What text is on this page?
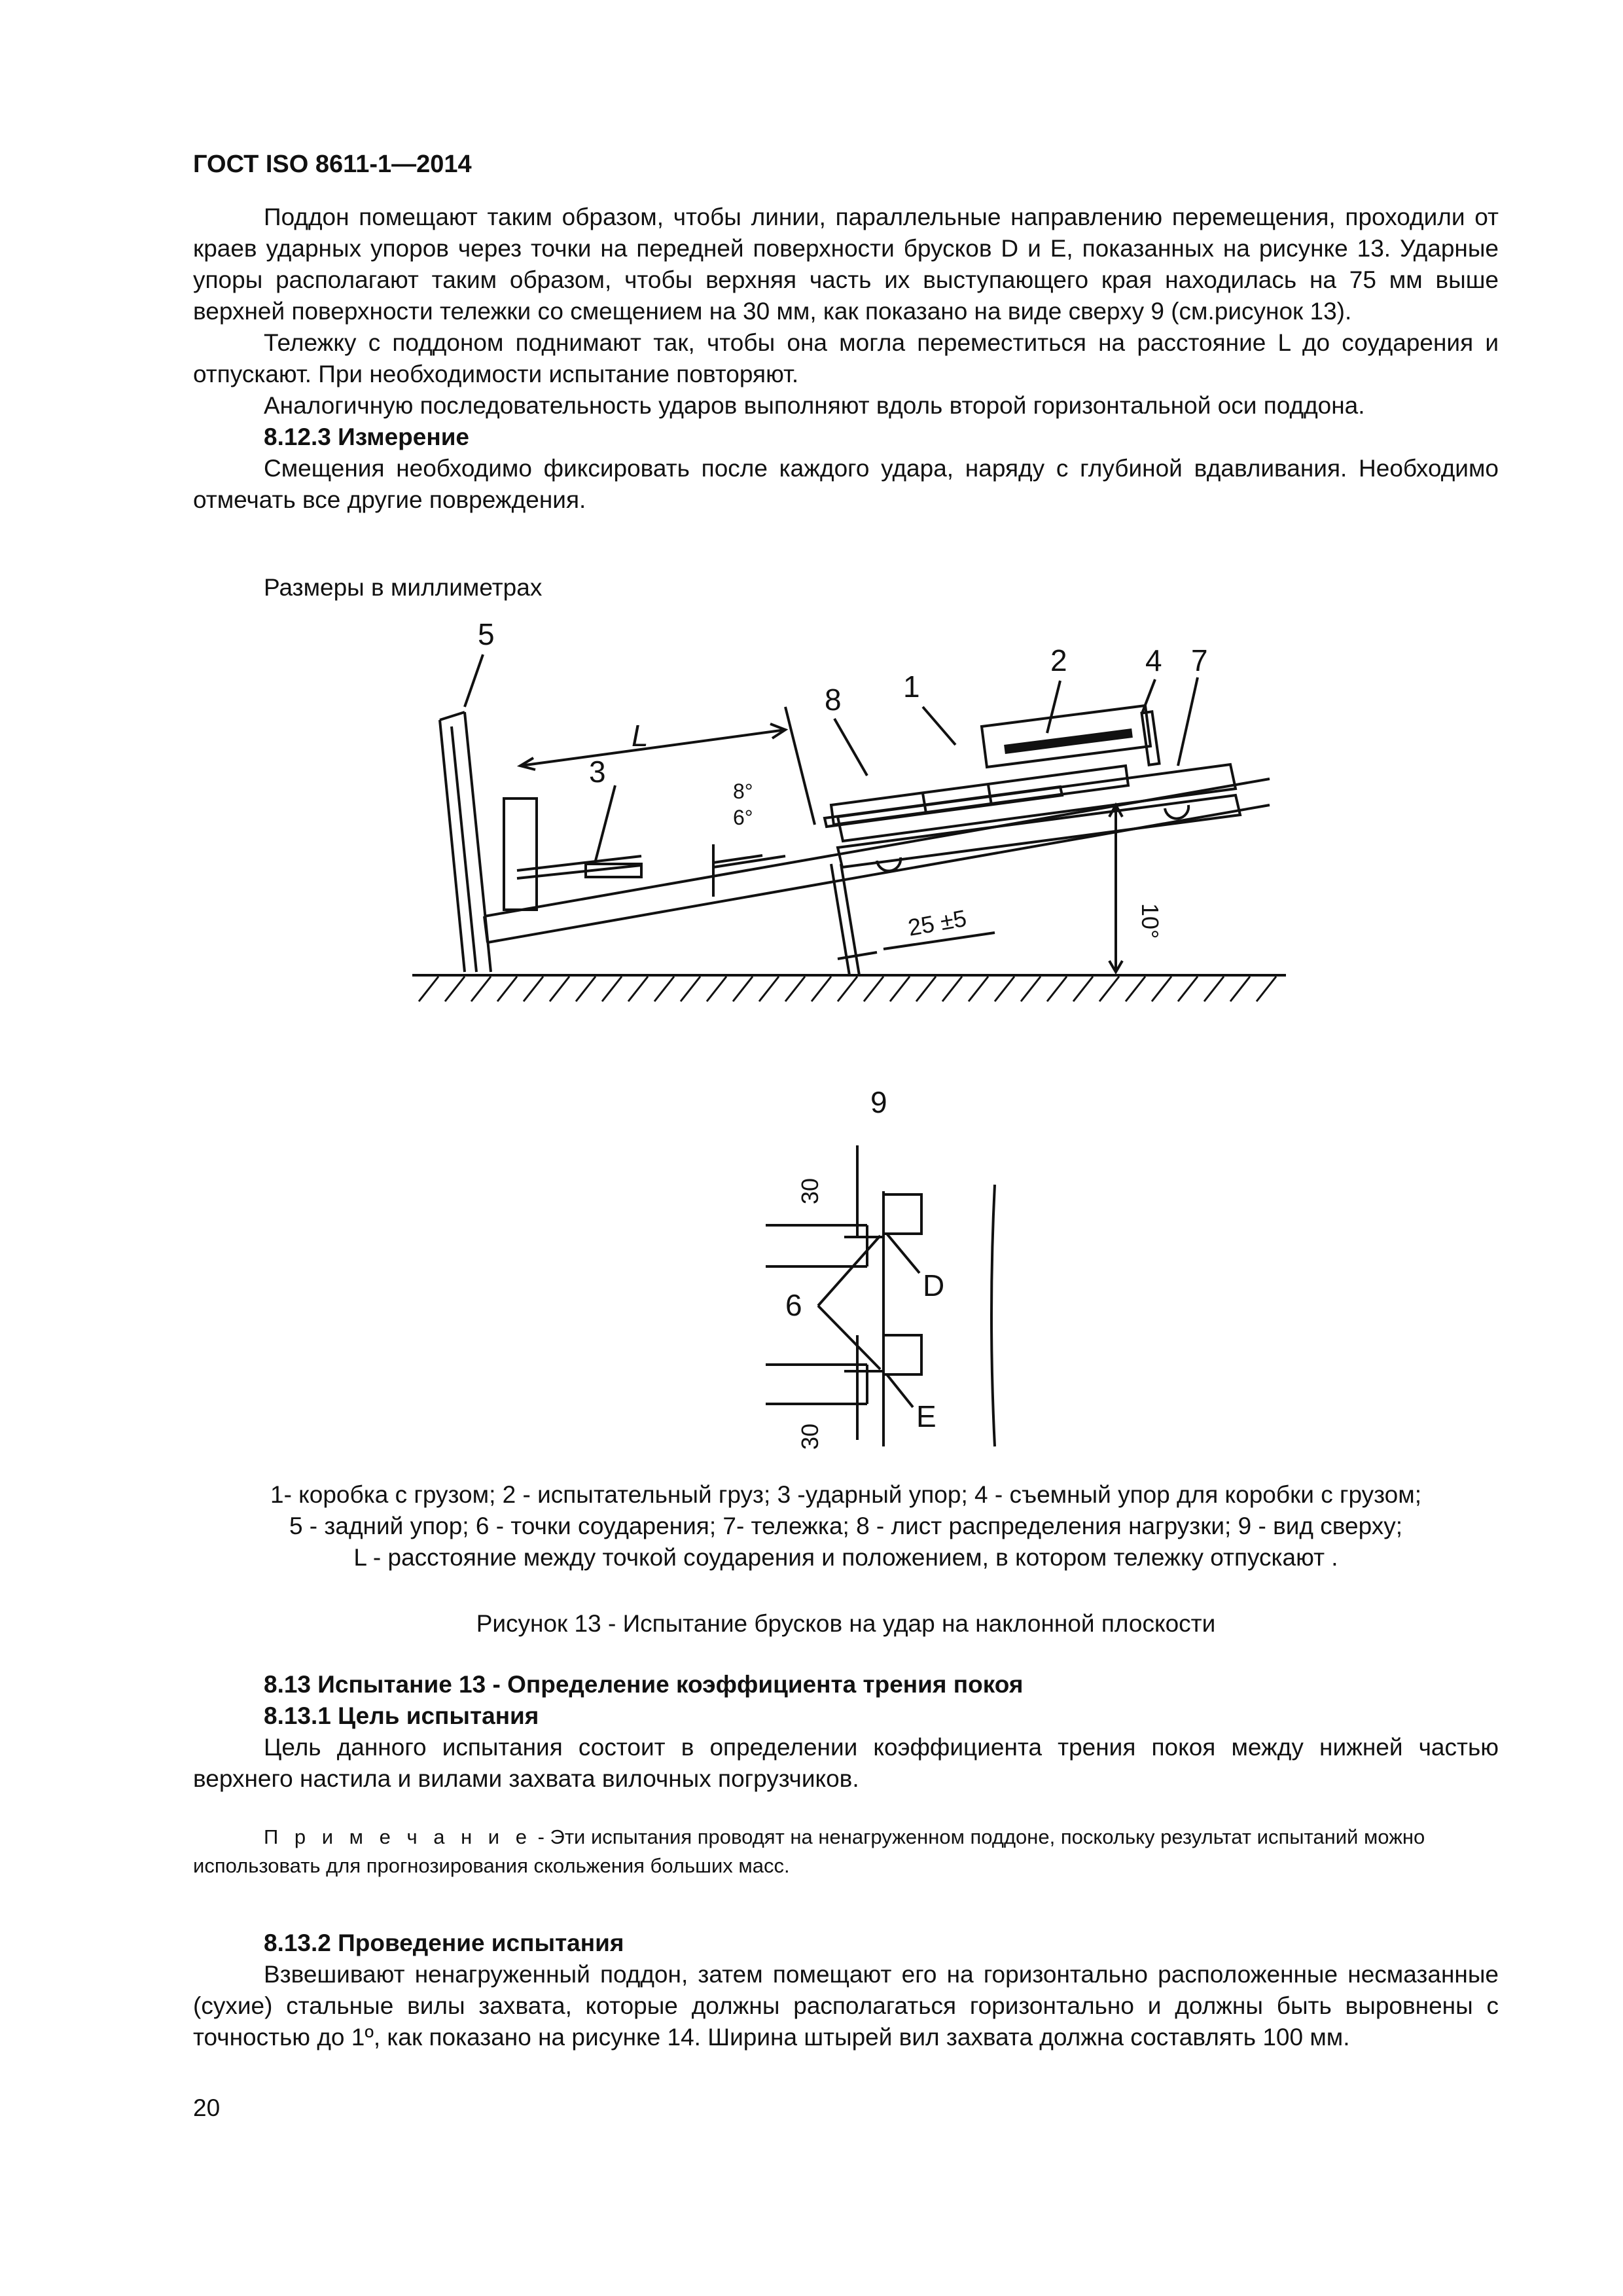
ГОСТ ISO 8611-1—2014
Поддон помещают таким образом, чтобы линии, параллельные направлению перемещения, проходили от краев ударных упоров через точки на передней поверхности брусков D и E, показанных на рисунке 13. Ударные упоры располагают таким образом, чтобы верхняя часть их выступающего края находилась на 75 мм выше верхней поверхности тележки со смещением на 30 мм, как показано на виде сверху 9 (см.рисунок 13).
Тележку с поддоном поднимают так, чтобы она могла переместиться на расстояние L до соударения и отпускают. При необходимости испытание повторяют.
Аналогичную последовательность ударов выполняют вдоль второй горизонтальной оси поддона.
8.12.3 Измерение
Смещения необходимо фиксировать после каждого удара, наряду с глубиной вдавливания. Необходимо отмечать все другие повреждения.
Размеры в миллиметрах
5
L
3
8°
6°
1
2	4 7
8
25 ±5	10°
9
6
D
E
30
30
1- коробка с грузом; 2 - испытательный груз; 3 -ударный упор; 4 - съемный упор для коробки с грузом;
5 - задний упор; 6 - точки соударения; 7- тележка; 8 - лист распределения нагрузки; 9 - вид сверху;
L - расстояние между точкой соударения и положением, в котором тележку отпускают .
Рисунок 13 - Испытание брусков на удар на наклонной плоскости
8.13 Испытание 13 - Определение коэффициента трения покоя
8.13.1 Цель испытания
Цель данного испытания состоит в определении коэффициента трения покоя между нижней частью верхнего настила и вилами захвата вилочных погрузчиков.
П р и м е ч а н и е - Эти испытания проводят на ненагруженном поддоне, поскольку результат испытаний можно использовать для прогнозирования скольжения больших масс.
8.13.2 Проведение испытания
Взвешивают ненагруженный поддон, затем помещают его на горизонтально расположенные несмазанные (сухие) стальные вилы захвата, которые должны располагаться горизонтально и должны быть выровнены с точностью до 1º, как показано на рисунке 14. Ширина штырей вил захвата должна составлять 100 мм.
20
